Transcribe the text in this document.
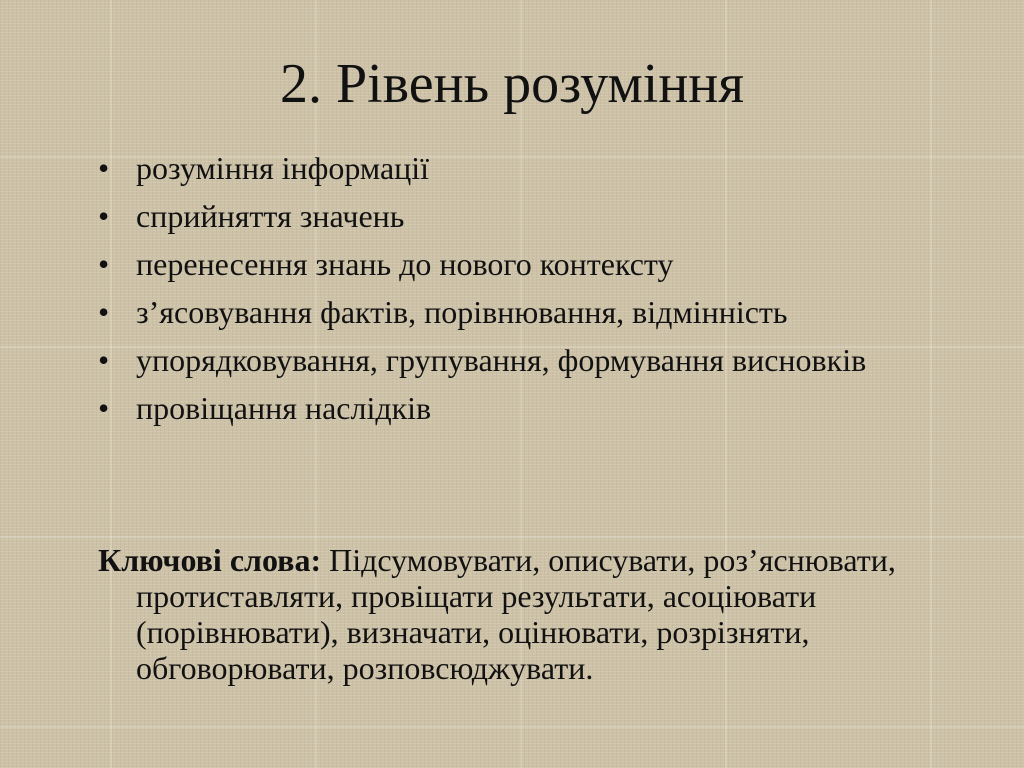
2. Рівень розуміння
• розуміння інформації
• сприйняття значень
• перенесення знань до нового контексту
• з’ясовування фактів, порівнювання, відмінність
• упорядковування, групування, формування висновків
• провіщання наслідків

Ключові слова: Підсумовувати, описувати, роз’яснювати, протиставляти, провіщати результати, асоціювати (порівнювати), визначати, оцінювати, розрізняти, обговорювати, розповсюджувати.
